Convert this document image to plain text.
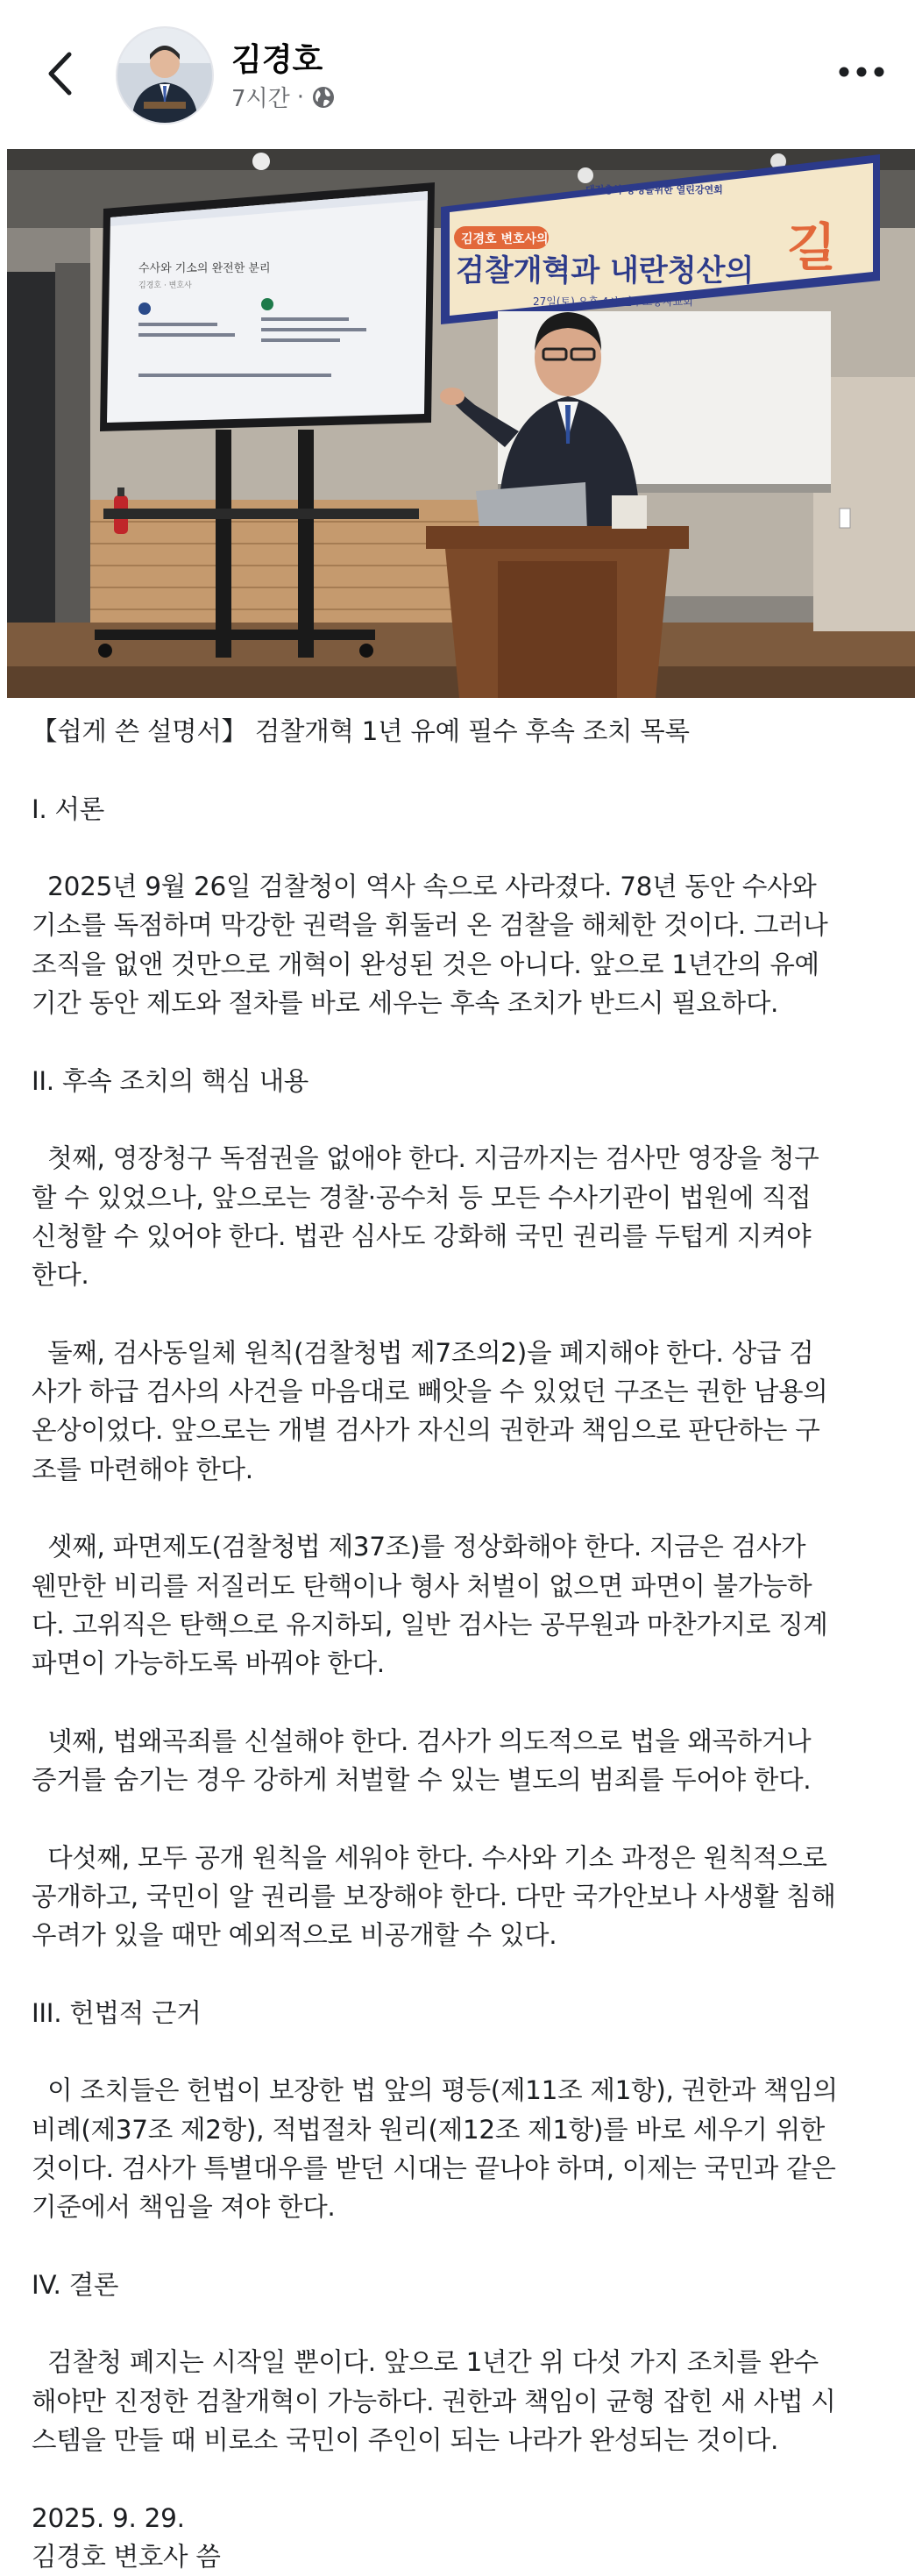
김경호
7시간 ·
수사와 기소의 완전한 분리
김경호 · 변호사
대전충북·충청을위한 열린강연회
김경호 변호사의
검찰개혁과 내란청산의 길
27일(토) 오후 4시 민주노동자교회
【쉽게 쓴 설명서】 검찰개혁 1년 유예 필수 후속 조치 목록
I. 서론
2025년 9월 26일 검찰청이 역사 속으로 사라졌다. 78년 동안 수사와
기소를 독점하며 막강한 권력을 휘둘러 온 검찰을 해체한 것이다. 그러나
조직을 없앤 것만으로 개혁이 완성된 것은 아니다. 앞으로 1년간의 유예
기간 동안 제도와 절차를 바로 세우는 후속 조치가 반드시 필요하다.
II. 후속 조치의 핵심 내용
첫째, 영장청구 독점권을 없애야 한다. 지금까지는 검사만 영장을 청구
할 수 있었으나, 앞으로는 경찰·공수처 등 모든 수사기관이 법원에 직접
신청할 수 있어야 한다. 법관 심사도 강화해 국민 권리를 두텁게 지켜야
한다.
둘째, 검사동일체 원칙(검찰청법 제7조의2)을 폐지해야 한다. 상급 검
사가 하급 검사의 사건을 마음대로 빼앗을 수 있었던 구조는 권한 남용의
온상이었다. 앞으로는 개별 검사가 자신의 권한과 책임으로 판단하는 구
조를 마련해야 한다.
셋째, 파면제도(검찰청법 제37조)를 정상화해야 한다. 지금은 검사가
웬만한 비리를 저질러도 탄핵이나 형사 처벌이 없으면 파면이 불가능하
다. 고위직은 탄핵으로 유지하되, 일반 검사는 공무원과 마찬가지로 징계
파면이 가능하도록 바꿔야 한다.
넷째, 법왜곡죄를 신설해야 한다. 검사가 의도적으로 법을 왜곡하거나
증거를 숨기는 경우 강하게 처벌할 수 있는 별도의 범죄를 두어야 한다.
다섯째, 모두 공개 원칙을 세워야 한다. 수사와 기소 과정은 원칙적으로
공개하고, 국민이 알 권리를 보장해야 한다. 다만 국가안보나 사생활 침해
우려가 있을 때만 예외적으로 비공개할 수 있다.
III. 헌법적 근거
이 조치들은 헌법이 보장한 법 앞의 평등(제11조 제1항), 권한과 책임의
비례(제37조 제2항), 적법절차 원리(제12조 제1항)를 바로 세우기 위한
것이다. 검사가 특별대우를 받던 시대는 끝나야 하며, 이제는 국민과 같은
기준에서 책임을 져야 한다.
IV. 결론
검찰청 폐지는 시작일 뿐이다. 앞으로 1년간 위 다섯 가지 조치를 완수
해야만 진정한 검찰개혁이 가능하다. 권한과 책임이 균형 잡힌 새 사법 시
스템을 만들 때 비로소 국민이 주인이 되는 나라가 완성되는 것이다.
2025. 9. 29.
김경호 변호사 씀
